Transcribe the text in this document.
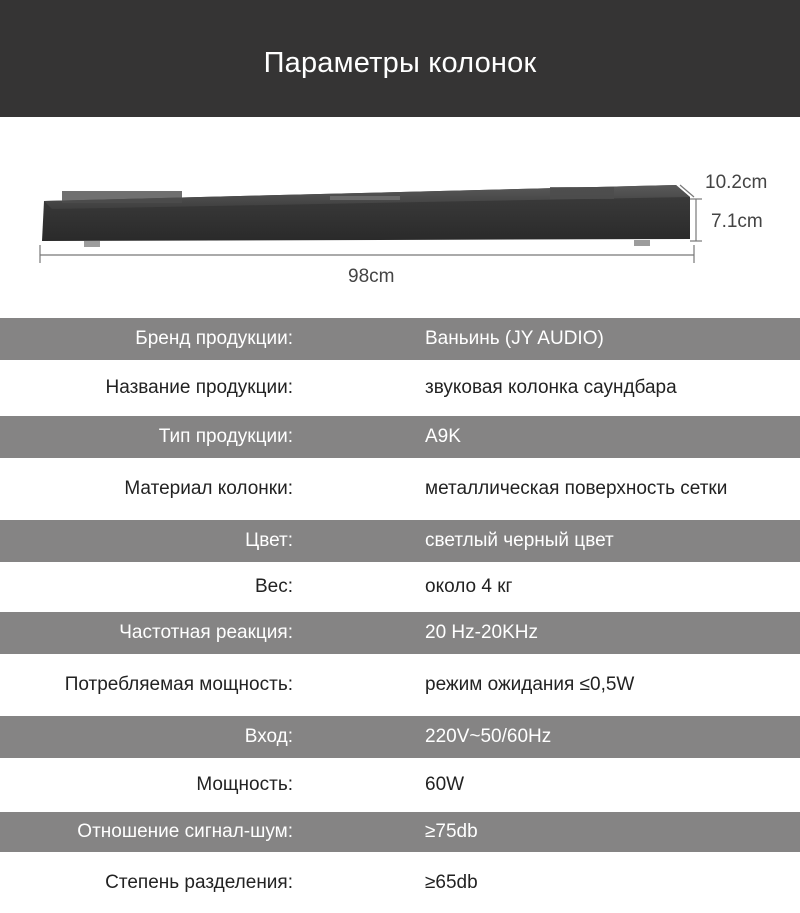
Параметры колонок
10.2cm
7.1cm
98cm
Бренд продукции:	Ваньинь (JY AUDIO)
Название продукции:	звуковая колонка саундбара
Тип продукции:	A9K
Материал колонки:	металлическая поверхность сетки
Цвет:	светлый черный цвет
Вес:	около 4 кг
Частотная реакция:	20 Hz-20KHz
Потребляемая мощность:	режим ожидания ≤0,5W
Вход:	220V~50/60Hz
Мощность:	60W
Отношение сигнал-шум:	≥75db
Степень разделения:	≥65db
